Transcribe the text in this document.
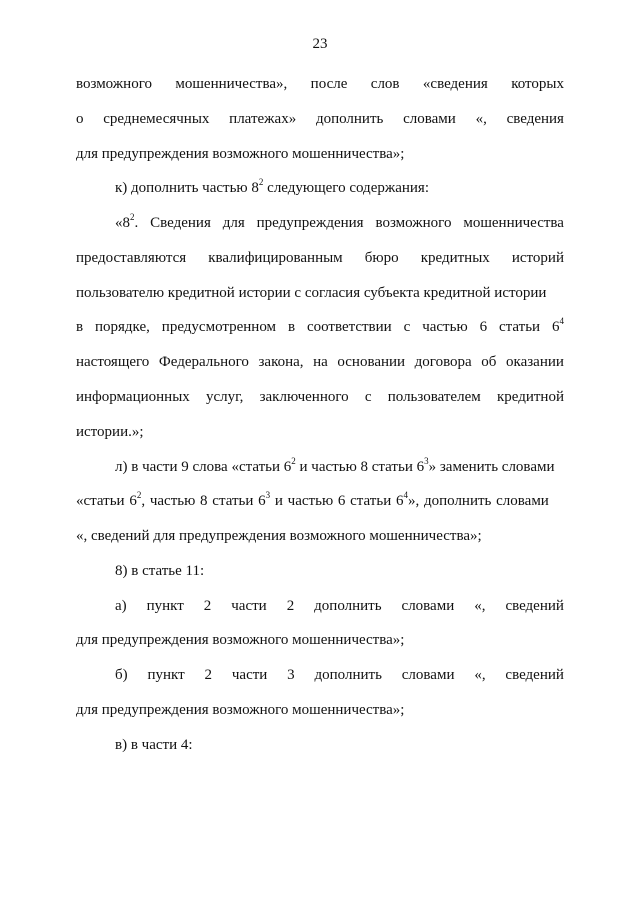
23
возможного мошенничества», после слов «сведения которых
о среднемесячных платежах» дополнить словами «, сведения
для предупреждения возможного мошенничества»;
к) дополнить частью $8^2$ следующего содержания:
«$8^2$. Сведения для предупреждения возможного мошенничества
предоставляются квалифицированным бюро кредитных историй
пользователю кредитной истории с согласия субъекта кредитной истории
в порядке, предусмотренном в соответствии с частью 6 статьи $6^4$
настоящего Федерального закона, на основании договора об оказании
информационных услуг, заключенного с пользователем кредитной
истории.»;
л) в части 9 слова «статьи $6^2$ и частью 8 статьи $6^3$» заменить словами
«статьи $6^2$, частью 8 статьи $6^3$ и частью 6 статьи $6^4$», дополнить словами
«, сведений для предупреждения возможного мошенничества»;
8) в статье 11:
а) пункт 2 части 2 дополнить словами «, сведений
для предупреждения возможного мошенничества»;
б) пункт 2 части 3 дополнить словами «, сведений
для предупреждения возможного мошенничества»;
в) в части 4:
